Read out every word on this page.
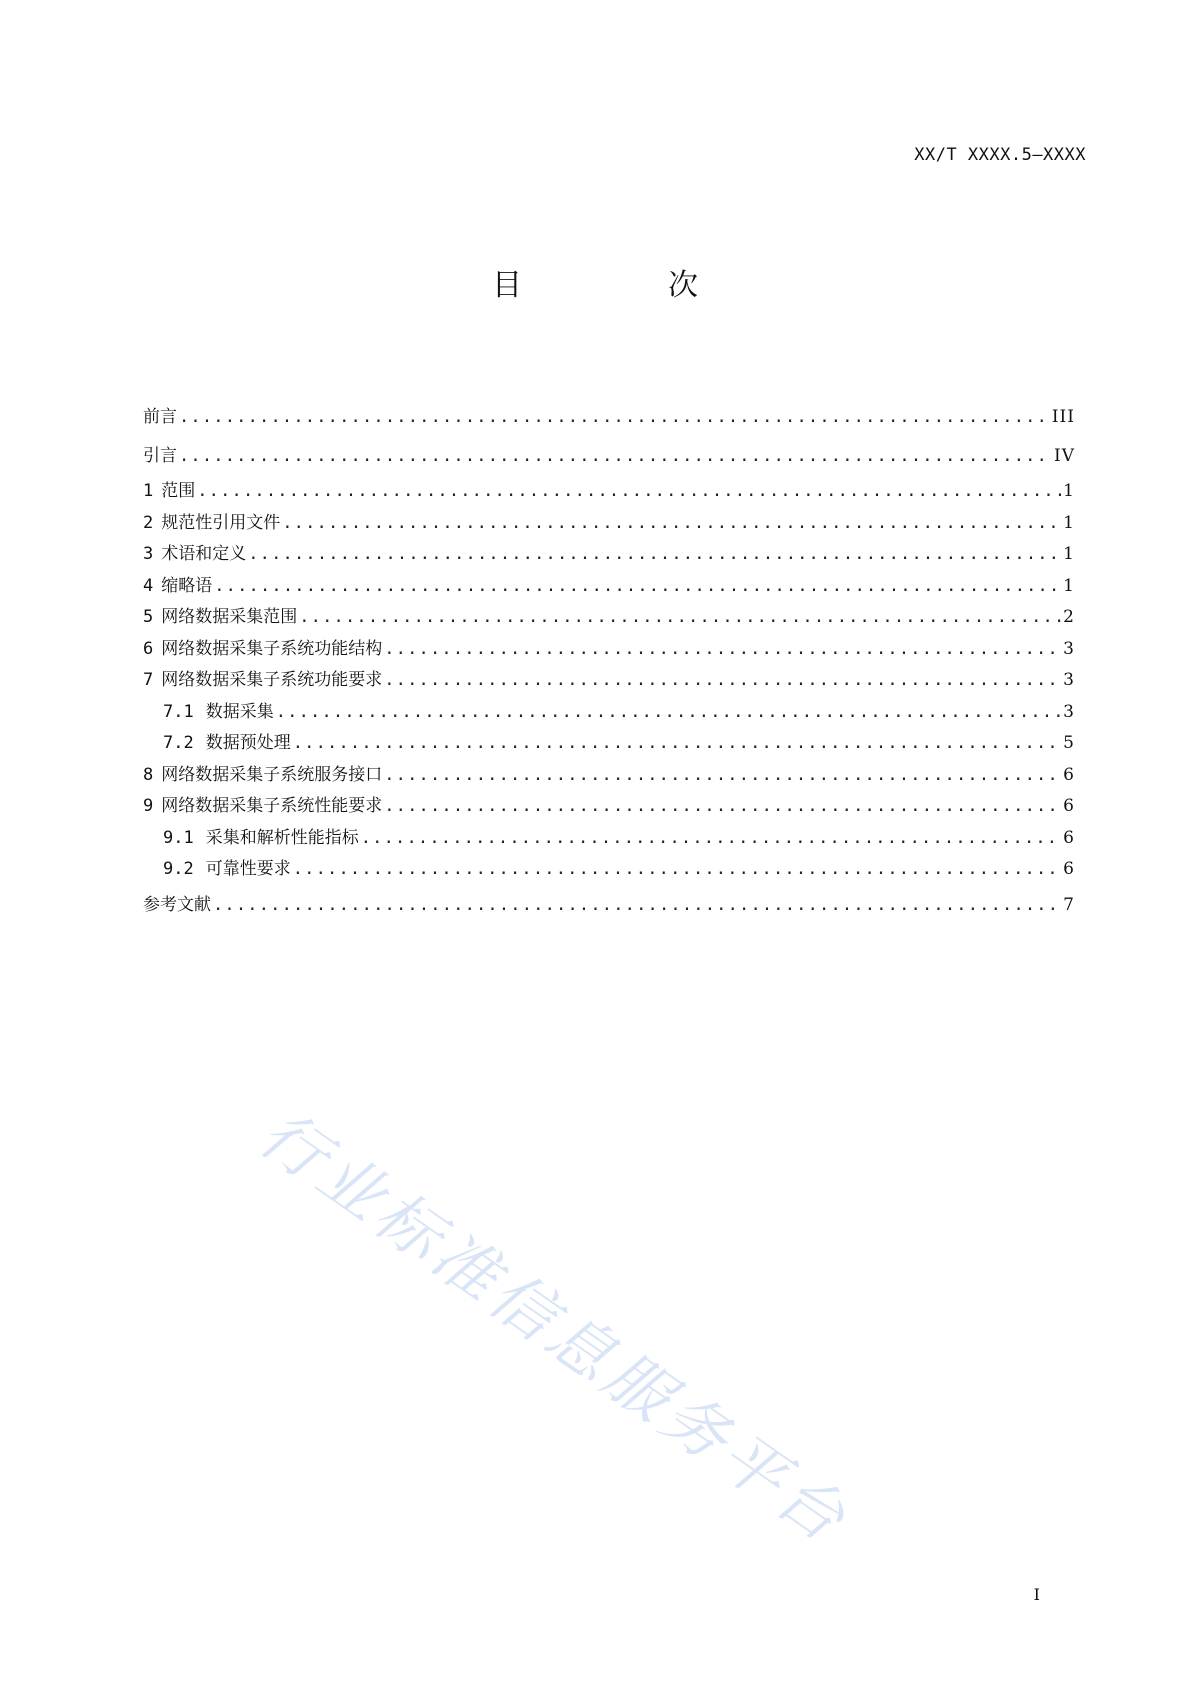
XX/T XXXX.5—XXXX
目　次
前言 .....	III
引言 .....	IV
1 范围 .....	1
2 规范性引用文件 .....	1
3 术语和定义 .....	1
4 缩略语 .....	1
5 网络数据采集范围 .....	2
6 网络数据采集子系统功能结构 .....	3
7 网络数据采集子系统功能要求 .....	3
7.1 数据采集 .....	3
7.2 数据预处理 .....	5
8 网络数据采集子系统服务接口 .....	6
9 网络数据采集子系统性能要求 .....	6
9.1 采集和解析性能指标 .....	6
9.2 可靠性要求 .....	6
参考文献 .....	7
行业标准信息服务平台
I
